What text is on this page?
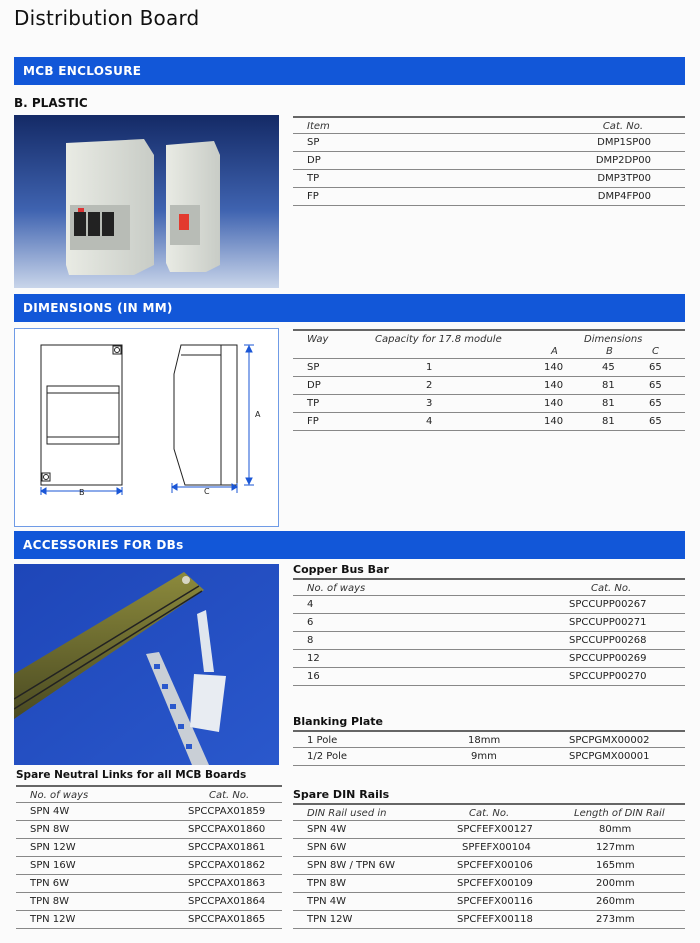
Distribution Board
MCB ENCLOSURE
B. PLASTIC
Item	Cat. No.
SP	DMP1SP00
DP	DMP2DP00
TP	DMP3TP00
FP	DMP4FP00
DIMENSIONS (IN MM)
B	C
A
Way	Capacity for 17.8 module	Dimensions
A	B	C
SP	1	140	45	65
DP	2	140	81	65
TP	3	140	81	65
FP	4	140	81	65
ACCESSORIES FOR DBs
Copper Bus Bar
No. of ways	Cat. No.
4	SPCCUPP00267
6	SPCCUPP00271
8	SPCCUPP00268
12	SPCCUPP00269
16	SPCCUPP00270
Blanking Plate
1 Pole	18mm	SPCPGMX00002
1/2 Pole	9mm	SPCPGMX00001
Spare DIN Rails
DIN Rail used in	Cat. No.	Length of DIN Rail
SPN 4W	SPCFEFX00127	80mm
SPN 6W	SPFEFX00104	127mm
SPN 8W / TPN 6W	SPCFEFX00106	165mm
TPN 8W	SPCFEFX00109	200mm
TPN 4W	SPCFEFX00116	260mm
TPN 12W	SPCFEFX00118	273mm
Spare Neutral Links for all MCB Boards
No. of ways	Cat. No.
SPN 4W	SPCCPAX01859
SPN 8W	SPCCPAX01860
SPN 12W	SPCCPAX01861
SPN 16W	SPCCPAX01862
TPN 6W	SPCCPAX01863
TPN 8W	SPCCPAX01864
TPN 12W	SPCCPAX01865
